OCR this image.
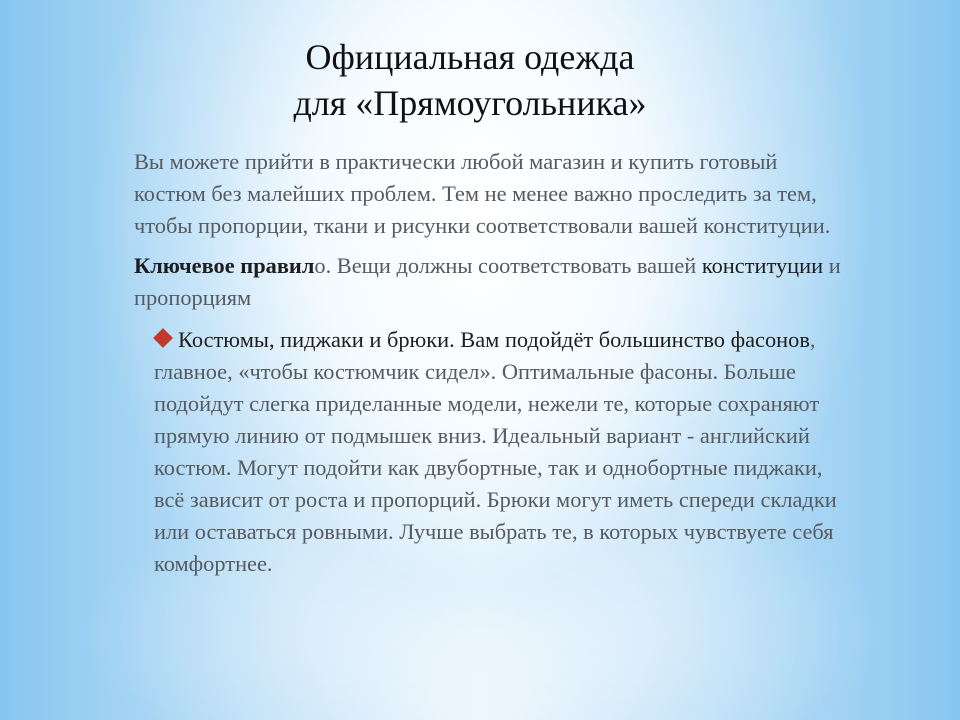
Официальная одежда
для «Прямоугольника»

Вы можете прийти в практически любой магазин и купить готовый костюм без малейших проблем. Тем не менее важно проследить за тем, чтобы пропорции, ткани и рисунки соответствовали вашей конституции.

Ключевое правило. Вещи должны соответствовать вашей конституции и пропорциям

Костюмы, пиджаки и брюки. Вам подойдёт большинство фасонов, главное, «чтобы костюмчик сидел». Оптимальные фасоны. Больше подойдут слегка приделанные модели, нежели те, которые сохраняют прямую линию от подмышек вниз. Идеальный вариант - английский костюм. Могут подойти как двубортные, так и однобортные пиджаки, всё зависит от роста и пропорций. Брюки могут иметь спереди складки или оставаться ровными. Лучше выбрать те, в которых чувствуете себя комфортнее.
